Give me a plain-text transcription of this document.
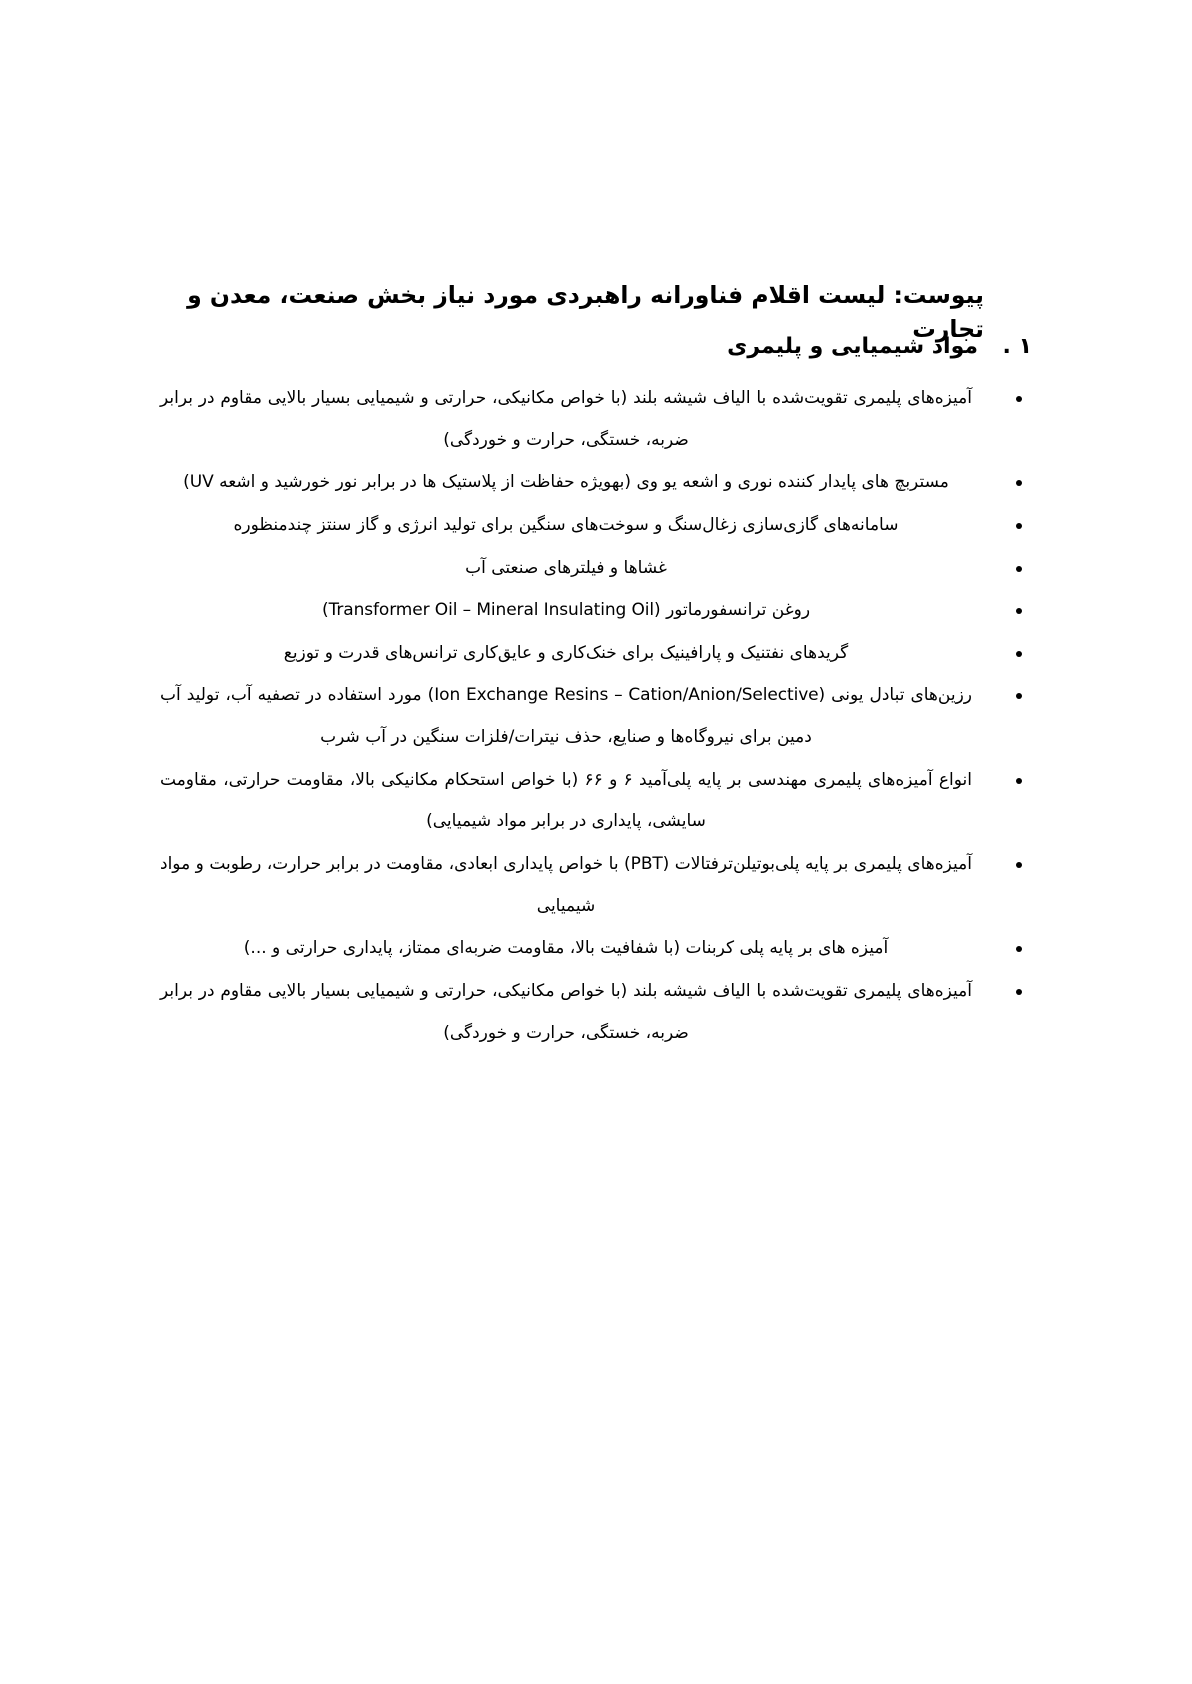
پیوست: لیست اقلام فناورانه راهبردی مورد نیاز بخش صنعت، معدن و تجارت
۱ .
مواد شیمیایی و پلیمری
آمیزه‌های پلیمری تقویت‌شده با الیاف شیشه بلند (با خواص مکانیکی، حرارتی و شیمیایی بسیار بالایی مقاوم در برابر ضربه، خستگی، حرارت و خوردگی)
مستربچ های پایدار کننده نوری و اشعه یو وی (بهویژه حفاظت از پلاستیک ها در برابر نور خورشید و اشعه UV)
سامانه‌های گازی‌سازی زغال‌سنگ و سوخت‌های سنگین برای تولید انرژی و گاز سنتز چندمنظوره
غشاها و فیلترهای صنعتی آب
روغن ترانسفورماتور (Transformer Oil – Mineral Insulating Oil)
گریدهای نفتنیک و پارافینیک برای خنک‌کاری و عایق‌کاری ترانس‌های قدرت و توزیع
رزین‌های تبادل یونی (Ion Exchange Resins – Cation/Anion/Selective) مورد استفاده در تصفیه آب، تولید آب دمین برای نیروگاه‌ها و صنایع، حذف نیترات/فلزات سنگین در آب شرب
انواع آمیزه‌های پلیمری مهندسی بر پایه پلی‌آمید ۶ و ۶۶ (با خواص استحکام مکانیکی بالا، مقاومت حرارتی، مقاومت سایشی، پایداری در برابر مواد شیمیایی)
آمیزه‌های پلیمری بر پایه پلی‌بوتیلن‌ترفتالات (PBT) با خواص پایداری ابعادی، مقاومت در برابر حرارت، رطوبت و مواد شیمیایی
آمیزه های بر پایه پلی کربنات (با شفافیت بالا، مقاومت ضربه‌ای ممتاز، پایداری حرارتی و ...)
آمیزه‌های پلیمری تقویت‌شده با الیاف شیشه بلند (با خواص مکانیکی، حرارتی و شیمیایی بسیار بالایی مقاوم در برابر ضربه، خستگی، حرارت و خوردگی)
